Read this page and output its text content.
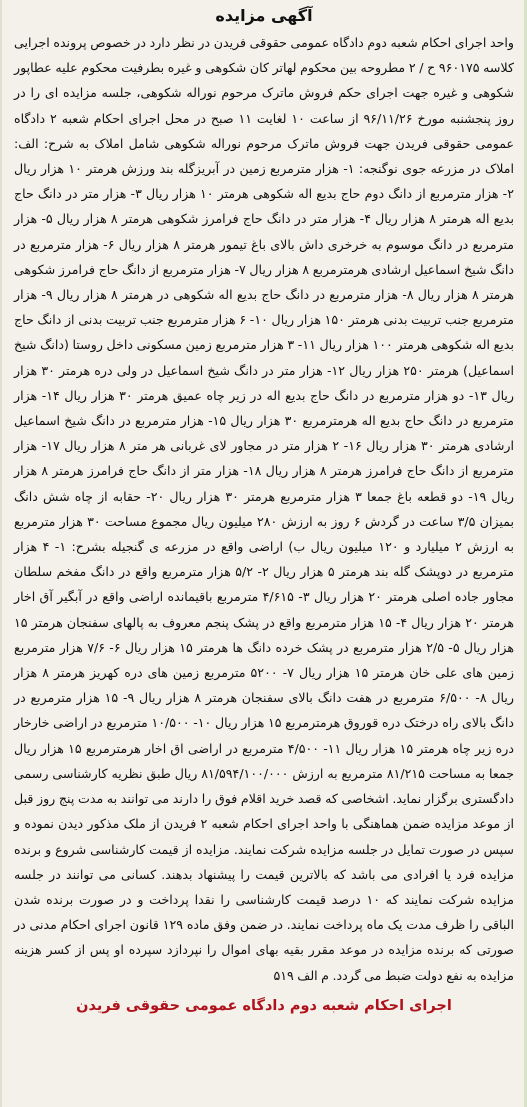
آگهی مزایده

واحد اجرای احکام شعبه دوم دادگاه عمومی حقوقی فریدن در نظر دارد در خصوص پرونده اجرایی کلاسه ۹۶۰۱۷۵ ح / ۲ مطروحه بین محکوم لهاتر کان شکوهی و غیره بطرفیت محکوم علیه عطاپور شکوهی و غیره جهت اجرای حکم فروش ماترک مرحوم نوراله شکوهی، جلسه مزایده ای را در روز پنجشنبه مورخ ۹۶/۱۱/۲۶ از ساعت ۱۰ لغایت ۱۱ صبح در محل اجرای احکام شعبه ۲ دادگاه عمومی حقوقی فریدن جهت فروش ماترک مرحوم نوراله شکوهی شامل املاک به شرح: الف: املاک در مزرعه جوی نوگنجه: ۱- هزار مترمربع زمین در آبریزگله بند ورزش هرمتر ۱۰ هزار ریال ۲- هزار مترمربع از دانگ دوم حاج بدیع اله شکوهی هرمتر ۱۰ هزار ریال ۳- هزار متر در دانگ حاج بدیع اله هرمتر ۸ هزار ریال ۴- هزار متر در دانگ حاج فرامرز شکوهی هرمتر ۸ هزار ریال ۵- هزار مترمربع در دانگ موسوم به خرخری داش بالای باغ تیمور هرمتر ۸ هزار ریال ۶- هزار مترمربع در دانگ شیخ اسماعیل ارشادی هرمترمربع ۸ هزار ریال ۷- هزار مترمربع از دانگ حاج فرامرز شکوهی هرمتر ۸ هزار ریال ۸- هزار مترمربع در دانگ حاج بدیع اله شکوهی در هرمتر ۸ هزار ریال ۹- هزار مترمربع جنب تربیت بدنی هرمتر ۱۵۰ هزار ریال ۱۰- ۶ هزار مترمربع جنب تربیت بدنی از دانگ حاج بدیع اله شکوهی هرمتر ۱۰۰ هزار ریال ۱۱- ۳ هزار مترمربع زمین مسکونی داخل روستا (دانگ شیخ اسماعیل) هرمتر ۲۵۰ هزار ریال ۱۲- هزار متر در دانگ شیخ اسماعیل در ولی دره هرمتر ۳۰ هزار ریال ۱۳- دو هزار مترمربع در دانگ حاج بدیع اله در زیر چاه عمیق هرمتر ۳۰ هزار ریال ۱۴- هزار مترمربع در دانگ حاج بدیع اله هرمترمربع ۳۰ هزار ریال ۱۵- هزار مترمربع در دانگ شیخ اسماعیل ارشادی هرمتر ۳۰ هزار ریال ۱۶- ۲ هزار متر در مجاور لای غربانی هر متر ۸ هزار ریال ۱۷- هزار مترمربع از دانگ حاج فرامرز هرمتر ۸ هزار ریال ۱۸- هزار متر از دانگ حاج فرامرز هرمتر ۸ هزار ریال ۱۹- دو قطعه باغ جمعا ۳ هزار مترمربع هرمتر ۳۰ هزار ریال ۲۰- حقابه از چاه شش دانگ بمیزان ۳/۵ ساعت در گردش ۶ روز به ارزش ۲۸۰ میلیون ریال مجموع مساحت ۳۰ هزار مترمربع به ارزش ۲ میلیارد و ۱۲۰ میلیون ریال ب) اراضی واقع در مزرعه ی گنجیله بشرح: ۱- ۴ هزار مترمربع در دوپشک گله بند هرمتر ۵ هزار ریال ۲- ۵/۲ هزار مترمربع واقع در دانگ مفخم سلطان مجاور جاده اصلی هرمتر ۲۰ هزار ریال ۳- ۴/۶۱۵ مترمربع باقیمانده اراضی واقع در آبگیر آق اخار هرمتر ۲۰ هزار ریال ۴- ۱۵ هزار مترمربع واقع در پشک پنجم معروف به پالهای سفنجان هرمتر ۱۵ هزار ریال ۵- ۲/۵ هزار مترمربع در پشک خرده دانگ ها هرمتر ۱۵ هزار ریال ۶- ۷/۶ هزار مترمربع زمین های علی خان هرمتر ۱۵ هزار ریال ۷- ۵۲۰۰ مترمربع زمین های دره کهریز هرمتر ۸ هزار ریال ۸- ۶/۵۰۰ مترمربع در هفت دانگ بالای سفنجان هرمتر ۸ هزار ریال ۹- ۱۵ هزار مترمربع در دانگ بالای راه درختک دره قوروق هرمترمربع ۱۵ هزار ریال ۱۰- ۱۰/۵۰۰ مترمربع در اراضی خارخار دره زیر چاه هرمتر ۱۵ هزار ریال ۱۱- ۴/۵۰۰ مترمربع در اراضی اق اخار هرمترمربع ۱۵ هزار ریال جمعا به مساحت ۸۱/۲۱۵ مترمربع به ارزش ۸۱/۵۹۴/۱۰۰/۰۰۰ ریال طبق نظریه کارشناسی رسمی دادگستری برگزار نماید. اشخاصی که قصد خرید اقلام فوق را دارند می توانند به مدت پنج روز قبل از موعد مزایده ضمن هماهنگی با واحد اجرای احکام شعبه ۲ فریدن از ملک مذکور دیدن نموده و سپس در صورت تمایل در جلسه مزایده شرکت نمایند. مزایده از قیمت کارشناسی شروع و برنده مزایده فرد یا افرادی می باشد که بالاترین قیمت را پیشنهاد بدهند. کسانی می توانند در جلسه مزایده شرکت نمایند که ۱۰ درصد قیمت کارشناسی را نقدا پرداخت و در صورت برنده شدن الباقی را ظرف مدت یک ماه پرداخت نمایند. در ضمن وفق ماده ۱۲۹ قانون اجرای احکام مدنی در صورتی که برنده مزایده در موعد مقرر بقیه بهای اموال را نپردازد سپرده او پس از کسر هزینه مزایده به نفع دولت ضبط می گردد. م الف ۵۱۹

اجرای احکام شعبه دوم دادگاه عمومی حقوقی فریدن
